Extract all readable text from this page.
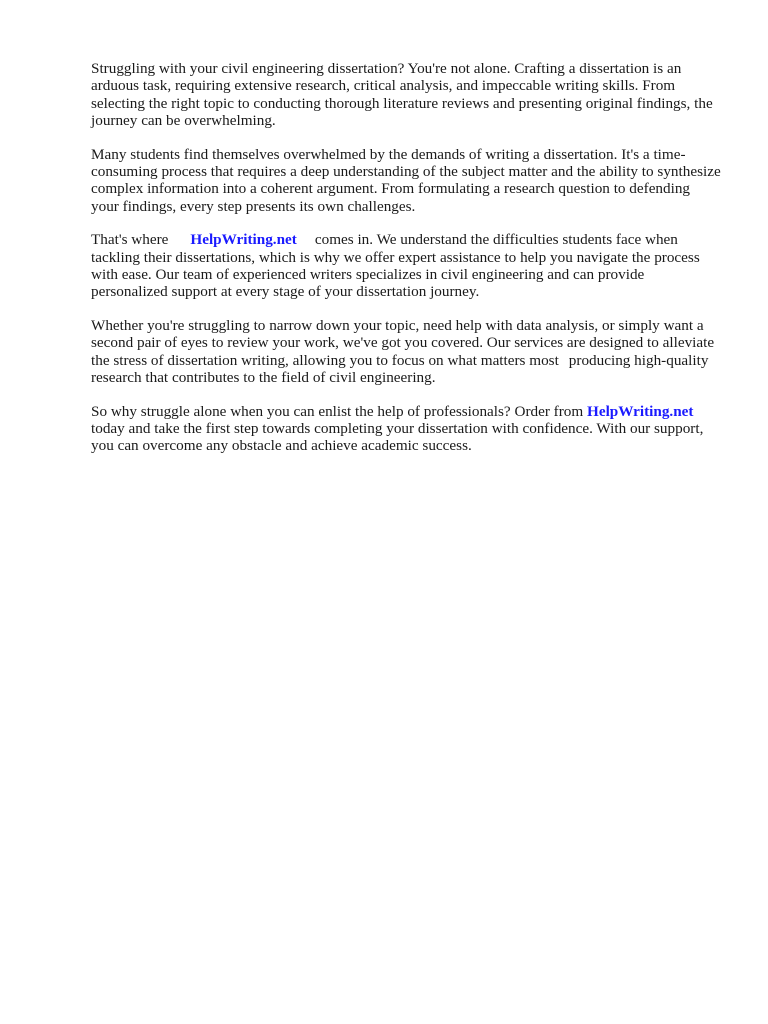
Struggling with your civil engineering dissertation? You're not alone. Crafting a dissertation is an arduous task, requiring extensive research, critical analysis, and impeccable writing skills. From selecting the right topic to conducting thorough literature reviews and presenting original findings, the journey can be overwhelming.

Many students find themselves overwhelmed by the demands of writing a dissertation. It's a time-consuming process that requires a deep understanding of the subject matter and the ability to synthesize complex information into a coherent argument. From formulating a research question to defending your findings, every step presents its own challenges.

That's where HelpWriting.net comes in. We understand the difficulties students face when tackling their dissertations, which is why we offer expert assistance to help you navigate the process with ease. Our team of experienced writers specializes in civil engineering and can provide personalized support at every stage of your dissertation journey.

Whether you're struggling to narrow down your topic, need help with data analysis, or simply want a second pair of eyes to review your work, we've got you covered. Our services are designed to alleviate the stress of dissertation writing, allowing you to focus on what matters most producing high-quality research that contributes to the field of civil engineering.

So why struggle alone when you can enlist the help of professionals? Order from HelpWriting.nettoday and take the first step towards completing your dissertation with confidence. With our support, you can overcome any obstacle and achieve academic success.
